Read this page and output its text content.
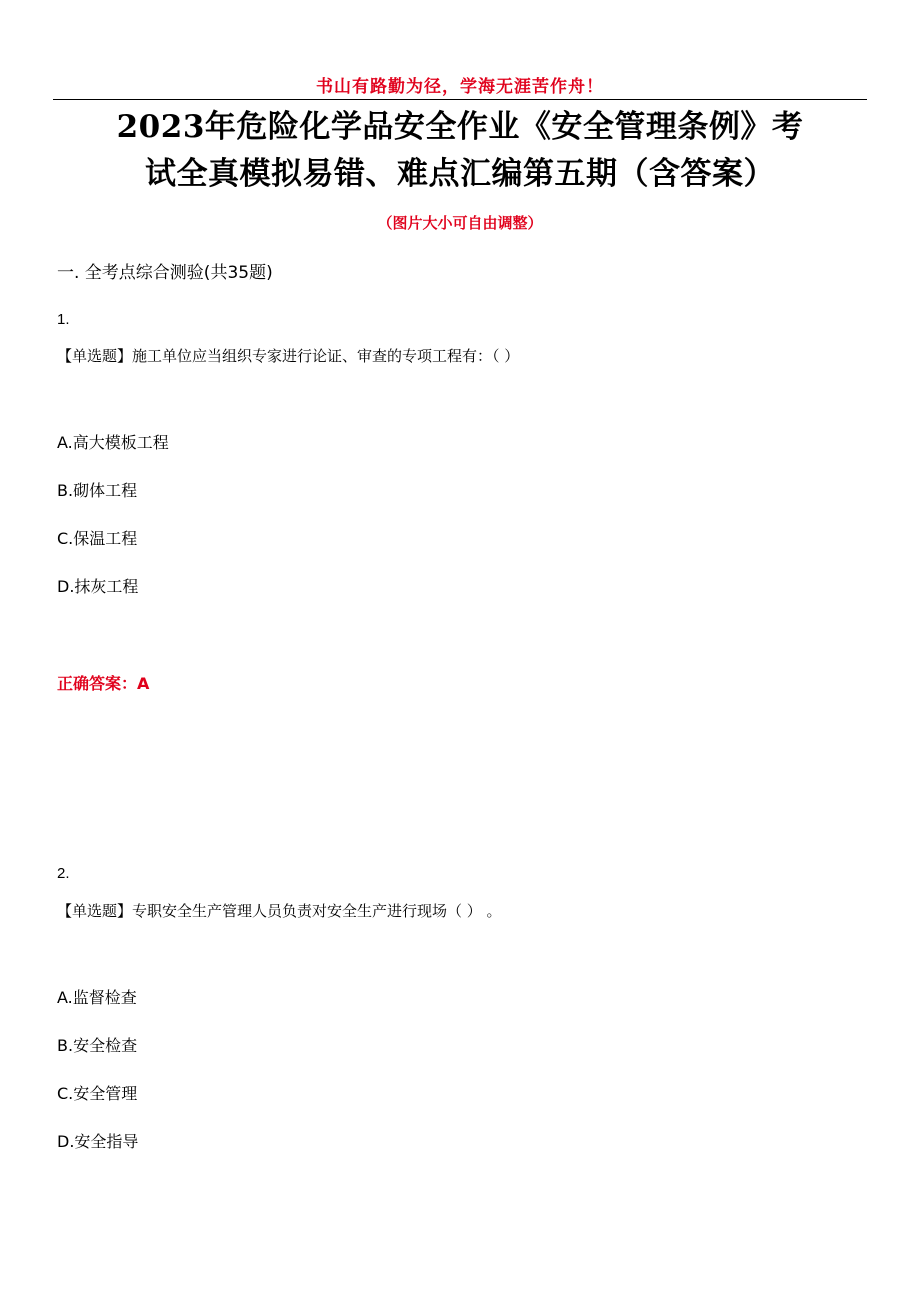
书山有路勤为径，学海无涯苦作舟！
2023年危险化学品安全作业《安全管理条例》考
试全真模拟易错、难点汇编第五期（含答案）
（图片大小可自由调整）
一. 全考点综合测验(共35题)
1.
【单选题】施工单位应当组织专家进行论证、审查的专项工程有：（ ）
A.高大模板工程
B.砌体工程
C.保温工程
D.抹灰工程
正确答案：A
2.
【单选题】专职安全生产管理人员负责对安全生产进行现场（ ） 。
A.监督检查
B.安全检查
C.安全管理
D.安全指导
